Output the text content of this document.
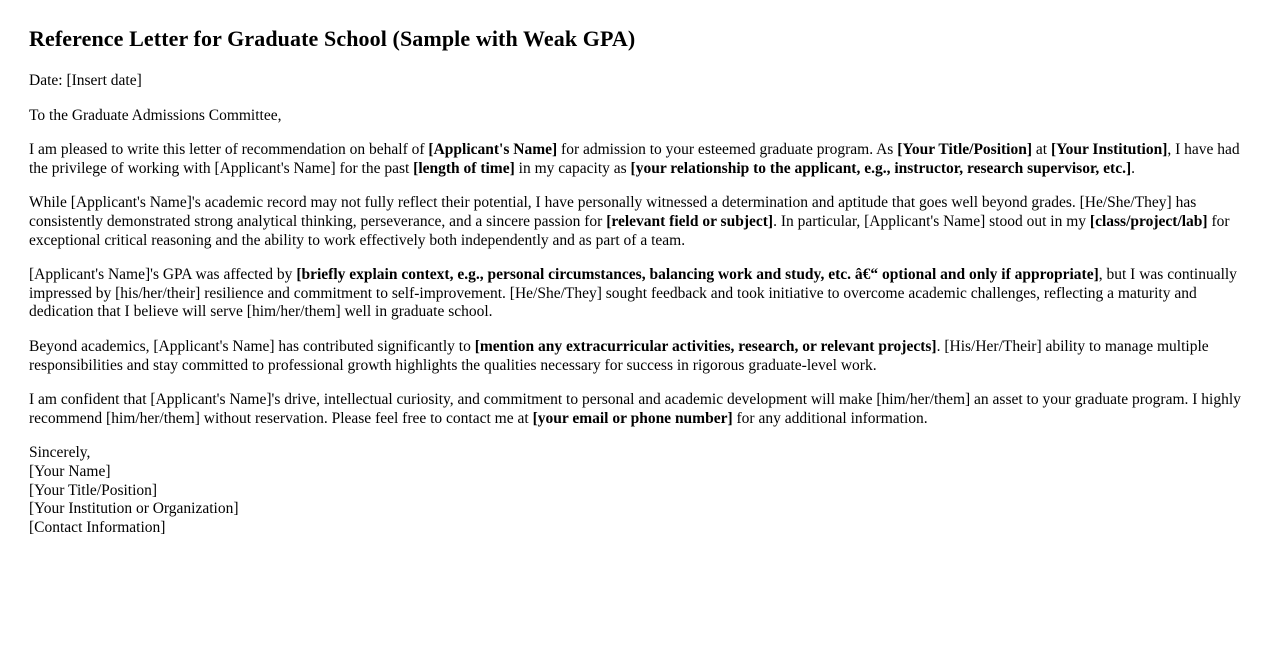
Reference Letter for Graduate School (Sample with Weak GPA)

Date: [Insert date]

To the Graduate Admissions Committee,

I am pleased to write this letter of recommendation on behalf of [Applicant's Name] for admission to your esteemed graduate program. As [Your Title/Position] at [Your Institution], I have had the privilege of working with [Applicant's Name] for the past [length of time] in my capacity as [your relationship to the applicant, e.g., instructor, research supervisor, etc.].

While [Applicant's Name]'s academic record may not fully reflect their potential, I have personally witnessed a determination and aptitude that goes well beyond grades. [He/She/They] has consistently demonstrated strong analytical thinking, perseverance, and a sincere passion for [relevant field or subject]. In particular, [Applicant's Name] stood out in my [class/project/lab] for exceptional critical reasoning and the ability to work effectively both independently and as part of a team.

[Applicant's Name]'s GPA was affected by [briefly explain context, e.g., personal circumstances, balancing work and study, etc. â€“ optional and only if appropriate], but I was continually impressed by [his/her/their] resilience and commitment to self-improvement. [He/She/They] sought feedback and took initiative to overcome academic challenges, reflecting a maturity and dedication that I believe will serve [him/her/them] well in graduate school.

Beyond academics, [Applicant's Name] has contributed significantly to [mention any extracurricular activities, research, or relevant projects]. [His/Her/Their] ability to manage multiple responsibilities and stay committed to professional growth highlights the qualities necessary for success in rigorous graduate-level work.

I am confident that [Applicant's Name]'s drive, intellectual curiosity, and commitment to personal and academic development will make [him/her/them] an asset to your graduate program. I highly recommend [him/her/them] without reservation. Please feel free to contact me at [your email or phone number] for any additional information.

Sincerely,
[Your Name]
[Your Title/Position]
[Your Institution or Organization]
[Contact Information]
